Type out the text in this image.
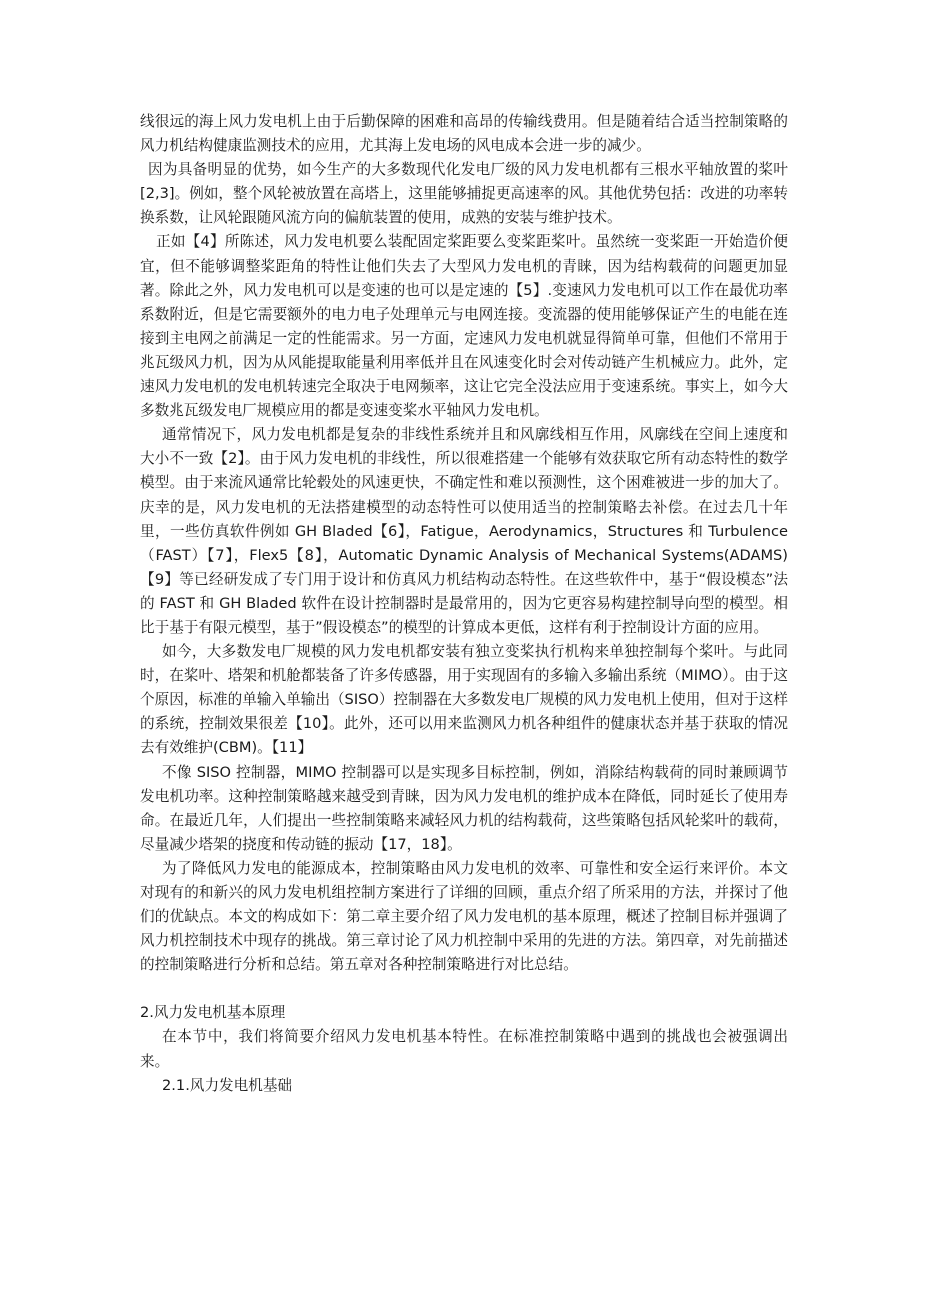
线很远的海上风力发电机上由于后勤保障的困难和高昂的传输线费用。但是随着结合适当控制策略的风力机结构健康监测技术的应用，尤其海上发电场的风电成本会进一步的减少。

因为具备明显的优势，如今生产的大多数现代化发电厂级的风力发电机都有三根水平轴放置的桨叶[2,3]。例如，整个风轮被放置在高塔上，这里能够捕捉更高速率的风。其他优势包括：改进的功率转换系数，让风轮跟随风流方向的偏航装置的使用，成熟的安装与维护技术。

正如【4】所陈述，风力发电机要么装配固定桨距要么变桨距桨叶。虽然统一变桨距一开始造价便宜，但不能够调整桨距角的特性让他们失去了大型风力发电机的青睐，因为结构载荷的问题更加显著。除此之外，风力发电机可以是变速的也可以是定速的【5】.变速风力发电机可以工作在最优功率系数附近，但是它需要额外的电力电子处理单元与电网连接。变流器的使用能够保证产生的电能在连接到主电网之前满足一定的性能需求。另一方面，定速风力发电机就显得简单可靠，但他们不常用于兆瓦级风力机，因为从风能提取能量利用率低并且在风速变化时会对传动链产生机械应力。此外，定速风力发电机的发电机转速完全取决于电网频率，这让它完全没法应用于变速系统。事实上，如今大多数兆瓦级发电厂规模应用的都是变速变桨水平轴风力发电机。

通常情况下，风力发电机都是复杂的非线性系统并且和风廓线相互作用，风廓线在空间上速度和大小不一致【2】。由于风力发电机的非线性，所以很难搭建一个能够有效获取它所有动态特性的数学模型。由于来流风通常比轮毂处的风速更快，不确定性和难以预测性，这个困难被进一步的加大了。庆幸的是，风力发电机的无法搭建模型的动态特性可以使用适当的控制策略去补偿。在过去几十年里，一些仿真软件例如 GH Bladed【6】，Fatigue，Aerodynamics，Structures 和 Turbulence（FAST）【7】，Flex5【8】，Automatic Dynamic Analysis of Mechanical Systems(ADAMS)【9】等已经研发成了专门用于设计和仿真风力机结构动态特性。在这些软件中，基于“假设模态”法的 FAST 和 GH Bladed 软件在设计控制器时是最常用的，因为它更容易构建控制导向型的模型。相比于基于有限元模型，基于”假设模态”的模型的计算成本更低，这样有利于控制设计方面的应用。

如今，大多数发电厂规模的风力发电机都安装有独立变桨执行机构来单独控制每个桨叶。与此同时，在桨叶、塔架和机舱都装备了许多传感器，用于实现固有的多输入多输出系统（MIMO）。由于这个原因，标准的单输入单输出（SISO）控制器在大多数发电厂规模的风力发电机上使用，但对于这样的系统，控制效果很差【10】。此外，还可以用来监测风力机各种组件的健康状态并基于获取的情况去有效维护(CBM)。【11】

不像 SISO 控制器，MIMO 控制器可以是实现多目标控制，例如，消除结构载荷的同时兼顾调节发电机功率。这种控制策略越来越受到青睐，因为风力发电机的维护成本在降低，同时延长了使用寿命。在最近几年，人们提出一些控制策略来减轻风力机的结构载荷，这些策略包括风轮桨叶的载荷，尽量减少塔架的挠度和传动链的振动【17，18】。

为了降低风力发电的能源成本，控制策略由风力发电机的效率、可靠性和安全运行来评价。本文对现有的和新兴的风力发电机组控制方案进行了详细的回顾，重点介绍了所采用的方法，并探讨了他们的优缺点。本文的构成如下：第二章主要介绍了风力发电机的基本原理，概述了控制目标并强调了风力机控制技术中现存的挑战。第三章讨论了风力机控制中采用的先进的方法。第四章，对先前描述的控制策略进行分析和总结。第五章对各种控制策略进行对比总结。

2.风力发电机基本原理

在本节中，我们将简要介绍风力发电机基本特性。在标准控制策略中遇到的挑战也会被强调出来。

2.1.风力发电机基础
